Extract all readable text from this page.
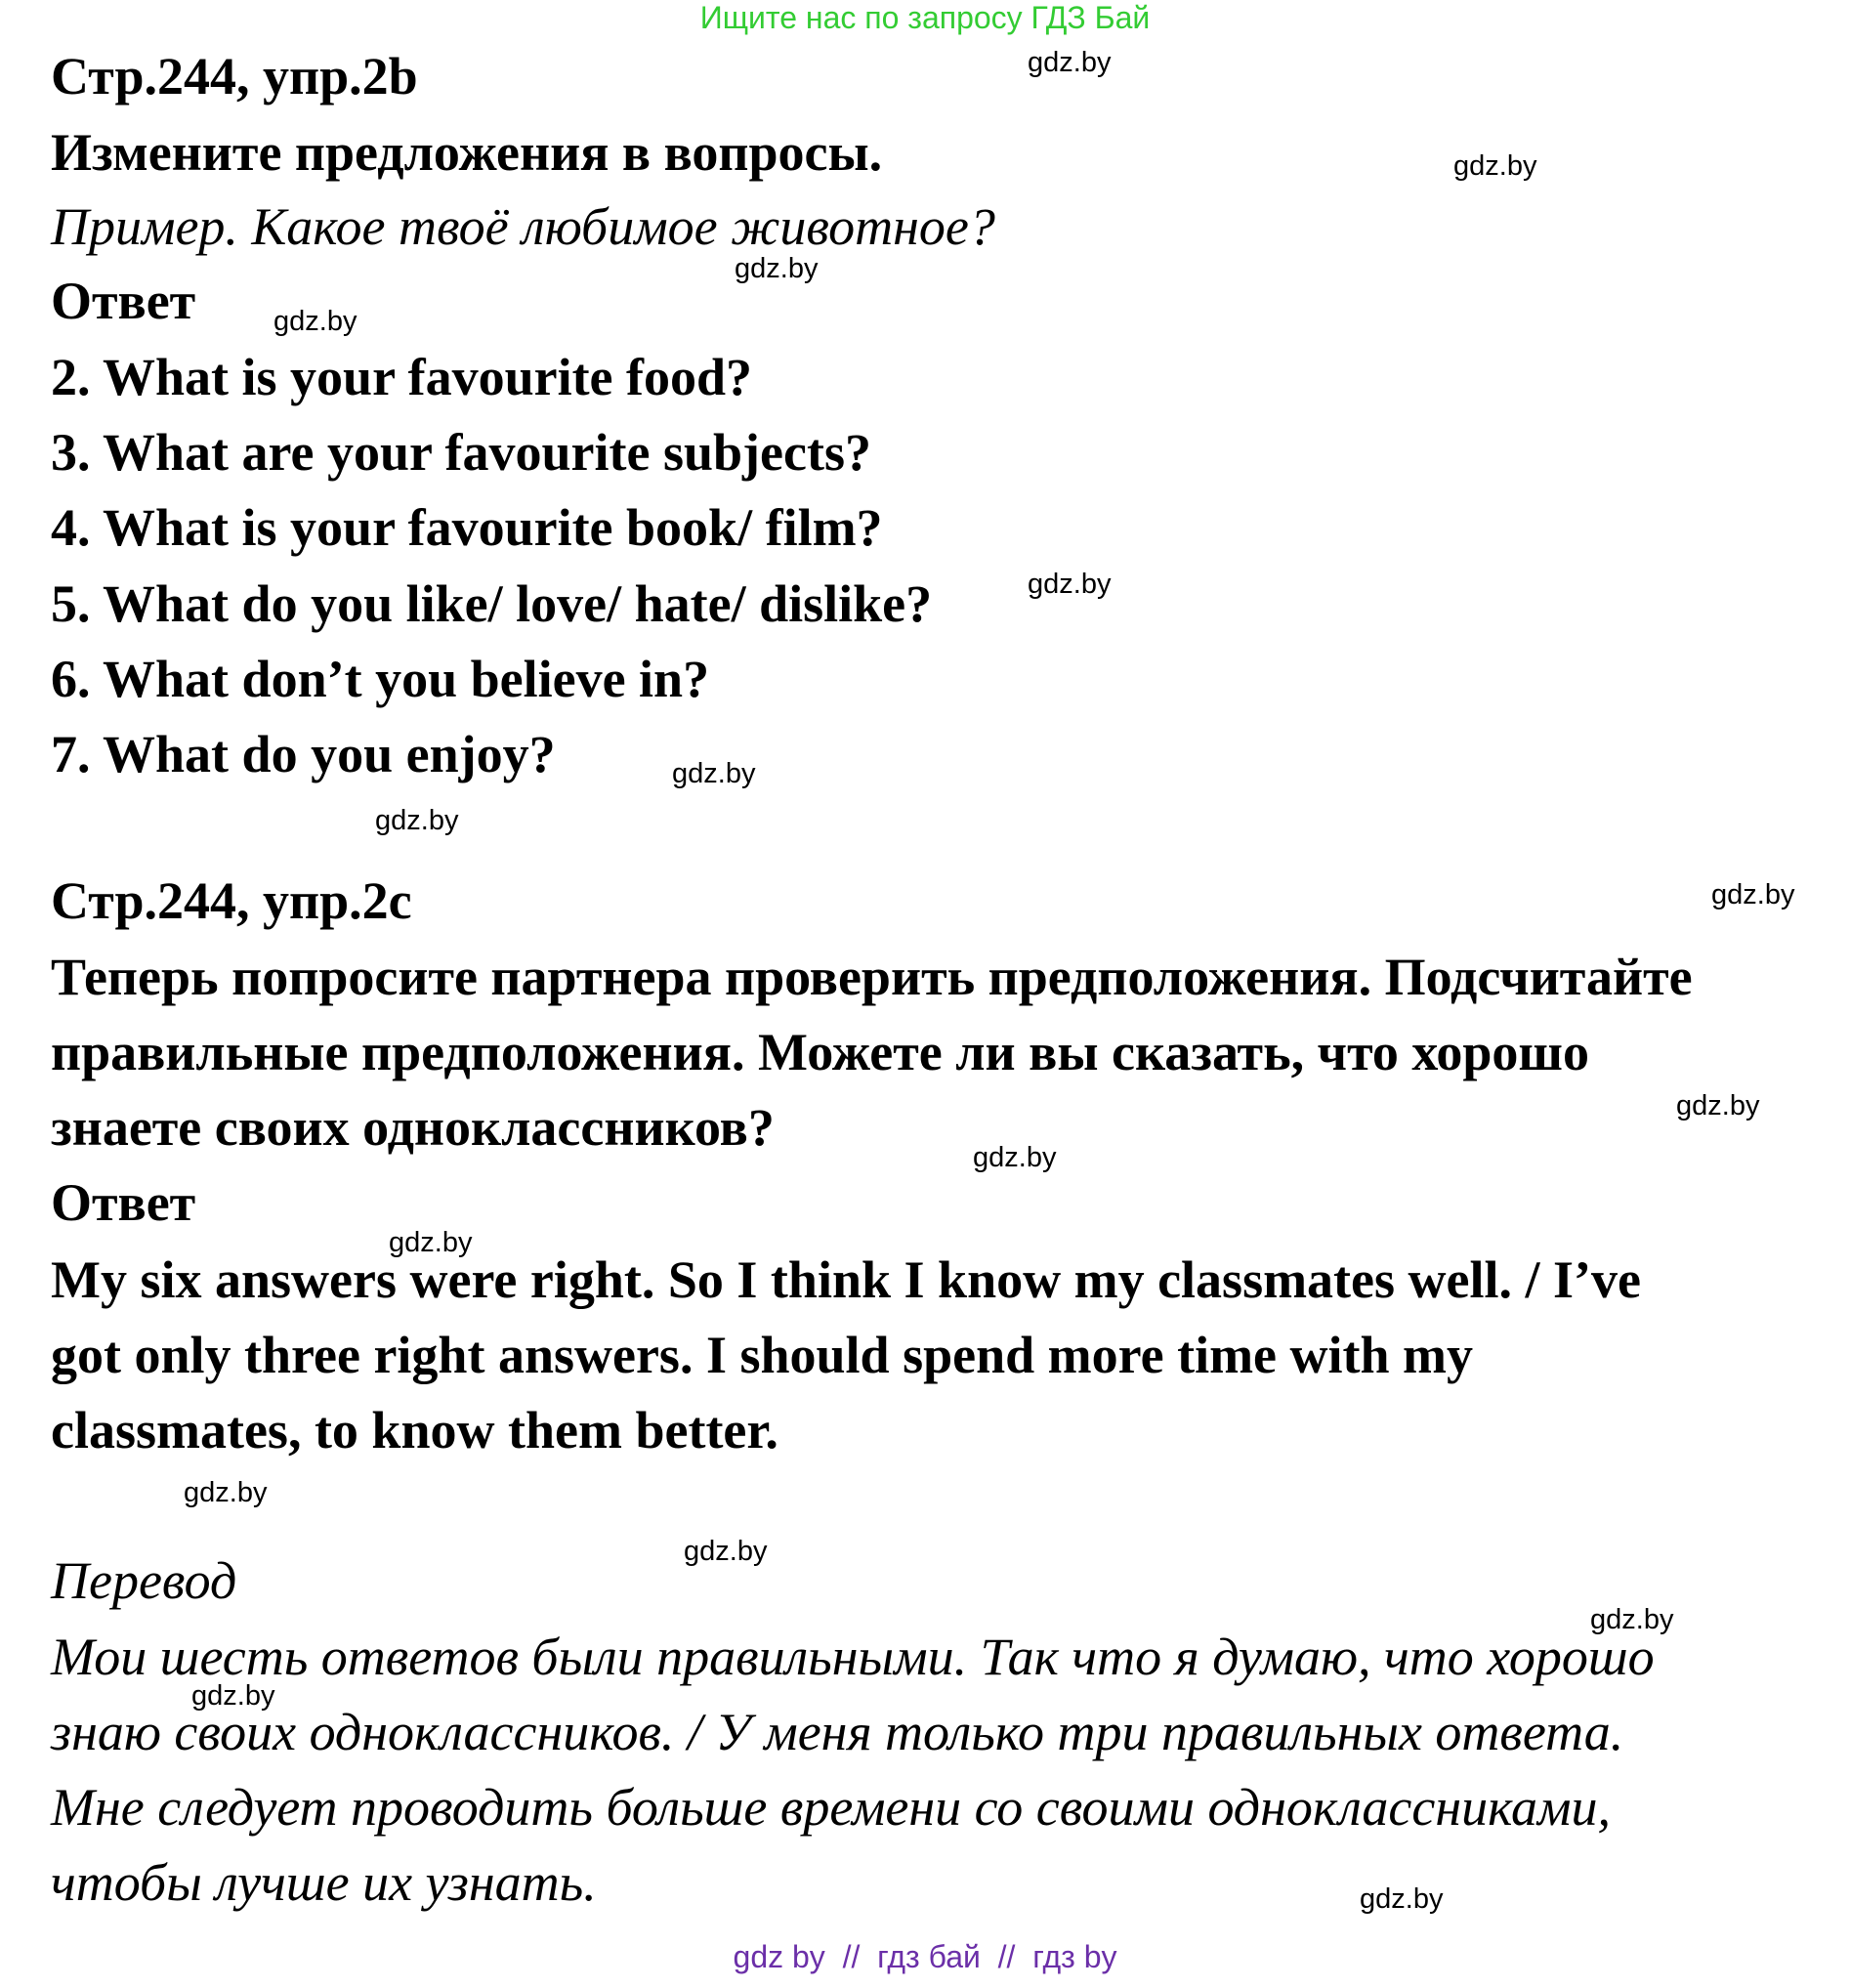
Ищите нас по запросу ГДЗ Бай
Стр.244, упр.2b
Измените предложения в вопросы.
Пример. Какое твоё любимое животное?
Ответ
2. What is your favourite food?
3. What are your favourite subjects?
4. What is your favourite book/ film?
5. What do you like/ love/ hate/ dislike?
6. What don’t you believe in?
7. What do you enjoy?
Стр.244, упр.2c
Теперь попросите партнера проверить предположения. Подсчитайте
правильные предположения. Можете ли вы сказать, что хорошо
знаете своих одноклассников?
Ответ
My six answers were right. So I think I know my classmates well. / I’ve
got only three right answers. I should spend more time with my
classmates, to know them better.
Перевод
Мои шесть ответов были правильными. Так что я думаю, что хорошо
знаю своих одноклассников. / У меня только три правильных ответа.
Мне следует проводить больше времени со своими одноклассниками,
чтобы лучше их узнать.
gdz.by
gdz.by
gdz.by
gdz.by
gdz.by
gdz.by
gdz.by
gdz.by
gdz.by
gdz.by
gdz.by
gdz.by
gdz.by
gdz.by
gdz.by
gdz.by
gdz by  //  гдз бай  //  гдз by
